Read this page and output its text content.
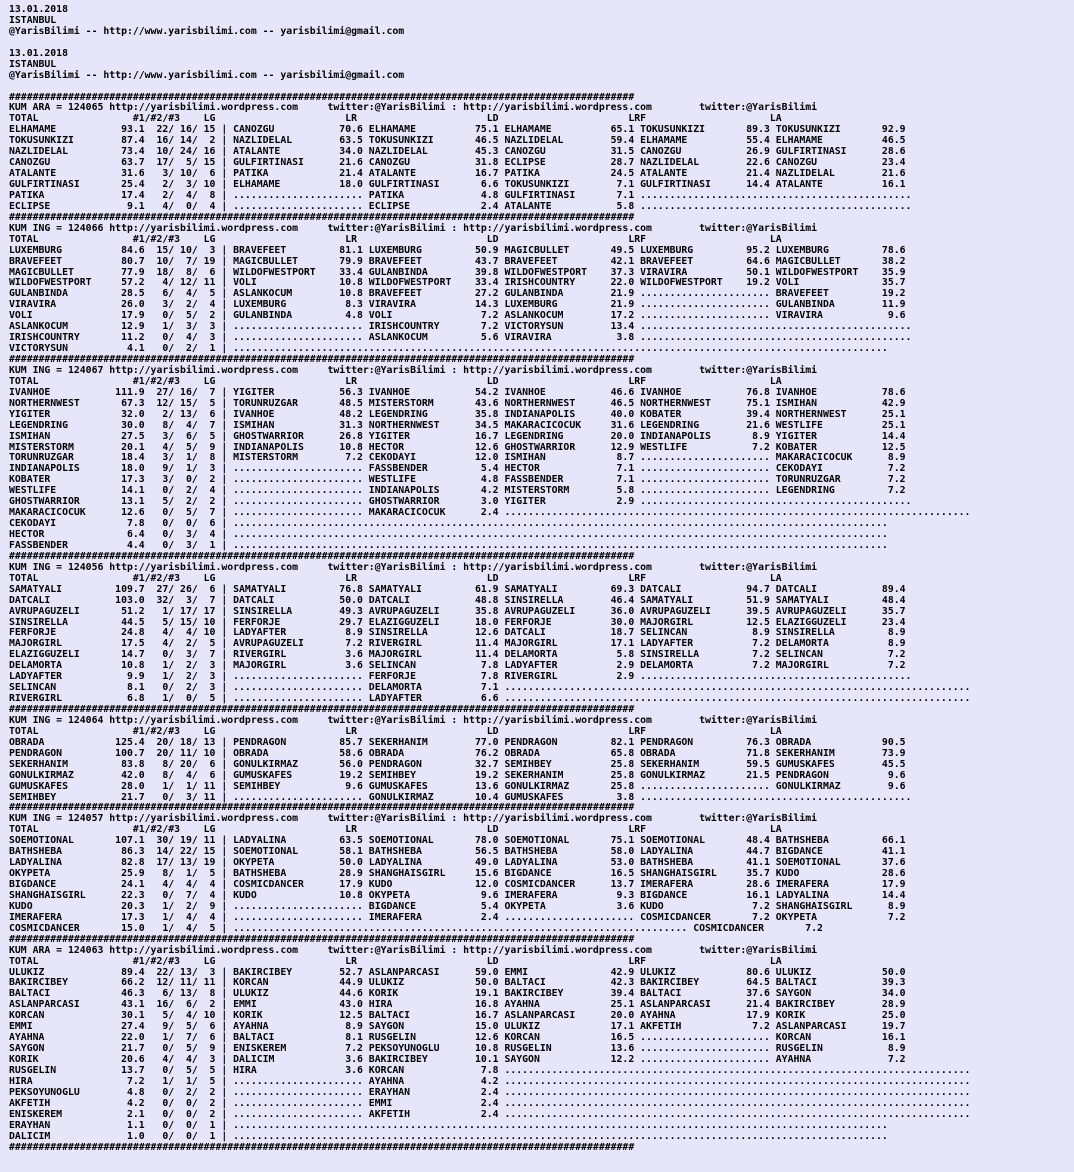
13.01.2018
ISTANBUL
@YarisBilimi -- http://www.yarisbilimi.com -- yarisbilimi@gmail.com

13.01.2018
ISTANBUL
@YarisBilimi -- http://www.yarisbilimi.com -- yarisbilimi@gmail.com

##########################################################################################################
KUM ARA = 124065 http://yarisbilimi.wordpress.com     twitter:@YarisBilimi : http://yarisbilimi.wordpress.com        twitter:@YarisBilimi
TOTAL                #1/#2/#3    LG                      LR                      LD                      LRF                     LA
ELHAMAME           93.1  22/ 16/ 15 | CANOZGU           70.6 ELHAMAME          75.1 ELHAMAME          65.1 TOKUSUNKIZI       89.3 TOKUSUNKIZI       92.9
TOKUSUNKIZI        87.4  16/ 14/  2 | NAZLIDELAL        63.5 TOKUSUNKIZI       46.5 NAZLIDELAL        59.4 ELHAMAME          55.4 ELHAMAME          46.5
NAZLIDELAL         73.4  10/ 24/ 16 | ATALANTE          34.0 NAZLIDELAL        45.3 CANOZGU           31.5 CANOZGU           26.9 GULFIRTINASI      28.6
CANOZGU            63.7  17/  5/ 15 | GULFIRTINASI      21.6 CANOZGU           31.8 ECLIPSE           28.7 NAZLIDELAL        22.6 CANOZGU           23.4
ATALANTE           31.6   3/ 10/  6 | PATIKA            21.4 ATALANTE          16.7 PATIKA            24.5 ATALANTE          21.4 NAZLIDELAL        21.6
GULFIRTINASI       25.4   2/  3/ 10 | ELHAMAME          18.0 GULFIRTINASI       6.6 TOKUSUNKIZI        7.1 GULFIRTINASI      14.4 ATALANTE          16.1
PATIKA             17.4   2/  4/  8 | ...................... PATIKA             4.8 GULFIRTINASI       7.1 ..............................................
ECLIPSE             9.1   4/  0/  4 | ...................... ECLIPSE            2.4 ATALANTE           5.8 ..............................................
##########################################################################################################
KUM ING = 124066 http://yarisbilimi.wordpress.com     twitter:@YarisBilimi : http://yarisbilimi.wordpress.com        twitter:@YarisBilimi
TOTAL                #1/#2/#3    LG                      LR                      LD                      LRF                     LA
LUXEMBURG          84.6  15/ 10/  3 | BRAVEFEET         81.1 LUXEMBURG         50.9 MAGICBULLET       49.5 LUXEMBURG         95.2 LUXEMBURG         78.6
BRAVEFEET          80.7  10/  7/ 19 | MAGICBULLET       79.9 BRAVEFEET         43.7 BRAVEFEET         42.1 BRAVEFEET         64.6 MAGICBULLET       38.2
MAGICBULLET        77.9  18/  8/  6 | WILDOFWESTPORT    33.4 GULANBINDA        39.8 WILDOFWESTPORT    37.3 VIRAVIRA          50.1 WILDOFWESTPORT    35.9
WILDOFWESTPORT     57.2   4/ 12/ 11 | VOLI              10.8 WILDOFWESTPORT    33.4 IRISHCOUNTRY      22.0 WILDOFWESTPORT    19.2 VOLI              35.7
GULANBINDA         28.5   6/  4/  5 | ASLANKOCUM        10.8 BRAVEFEET         27.2 GULANBINDA        21.9 ...................... BRAVEFEET         19.2
VIRAVIRA           26.0   3/  2/  4 | LUXEMBURG          8.3 VIRAVIRA          14.3 LUXEMBURG         21.9 ...................... GULANBINDA        11.9
VOLI               17.9   0/  5/  2 | GULANBINDA         4.8 VOLI               7.2 ASLANKOCUM        17.2 ...................... VIRAVIRA           9.6
ASLANKOCUM         12.9   1/  3/  3 | ...................... IRISHCOUNTRY       7.2 VICTORYSUN        13.4 ..............................................
IRISHCOUNTRY       11.2   0/  4/  3 | ...................... ASLANKOCUM         5.6 VIRAVIRA           3.8 ..............................................
VICTORYSUN          4.1   0/  2/  1 | ...............................................................................................................
##########################################################################################################
KUM ING = 124067 http://yarisbilimi.wordpress.com     twitter:@YarisBilimi : http://yarisbilimi.wordpress.com        twitter:@YarisBilimi
TOTAL                #1/#2/#3    LG                      LR                      LD                      LRF                     LA
IVANHOE           111.9  27/ 16/  7 | YIGITER           56.3 IVANHOE           54.2 IVANHOE           46.6 IVANHOE           76.8 IVANHOE           78.6
NORTHERNWEST       67.3  12/ 15/  5 | TORUNRUZGAR       48.5 MISTERSTORM       43.6 NORTHERNWEST      46.5 NORTHERNWEST      75.1 ISMIHAN           42.9
YIGITER            32.0   2/ 13/  6 | IVANHOE           48.2 LEGENDRING        35.8 INDIANAPOLIS      40.0 KOBATER           39.4 NORTHERNWEST      25.1
LEGENDRING         30.0   8/  4/  7 | ISMIHAN           31.3 NORTHERNWEST      34.5 MAKARACICOCUK     31.6 LEGENDRING        21.6 WESTLIFE          25.1
ISMIHAN            27.5   3/  6/  5 | GHOSTWARRIOR      26.8 YIGITER           16.7 LEGENDRING        20.0 INDIANAPOLIS       8.9 YIGITER           14.4
MISTERSTORM        20.1   4/  5/  9 | INDIANAPOLIS      10.8 HECTOR            12.6 GHOSTWARRIOR      12.9 WESTLIFE           7.2 KOBATER           12.5
TORUNRUZGAR        18.4   3/  1/  8 | MISTERSTORM        7.2 CEKODAYI          12.0 ISMIHAN            8.7 ...................... MAKARACICOCUK      8.9
INDIANAPOLIS       18.0   9/  1/  3 | ...................... FASSBENDER         5.4 HECTOR             7.1 ...................... CEKODAYI           7.2
KOBATER            17.3   3/  0/  2 | ...................... WESTLIFE           4.8 FASSBENDER         7.1 ...................... TORUNRUZGAR        7.2
WESTLIFE           14.1   0/  2/  4 | ...................... INDIANAPOLIS       4.2 MISTERSTORM        5.8 ...................... LEGENDRING         7.2
GHOSTWARRIOR       13.1   5/  2/  2 | ...................... GHOSTWARRIOR       3.0 YIGITER            2.9 ..............................................
MAKARACICOCUK      12.6   0/  5/  7 | ...................... MAKARACICOCUK      2.4 ...............................................................................
CEKODAYI            7.8   0/  0/  6 | ...............................................................................................................
HECTOR              6.4   0/  3/  4 | ...............................................................................................................
FASSBENDER          4.4   0/  3/  1 | ...............................................................................................................
##########################################################################################################
KUM ING = 124056 http://yarisbilimi.wordpress.com     twitter:@YarisBilimi : http://yarisbilimi.wordpress.com        twitter:@YarisBilimi
TOTAL                #1/#2/#3    LG                      LR                      LD                      LRF                     LA
SAMATYALI         109.7  27/ 26/  6 | SAMATYALI         76.8 SAMATYALI         61.9 SAMATYALI         69.3 DATCALI           94.7 DATCALI           89.4
DATCALI           103.0  32/  3/  7 | DATCALI           50.0 DATCALI           48.8 SINSIRELLA        46.4 SAMATYALI         51.9 SAMATYALI         48.4
AVRUPAGUZELI       51.2   1/ 17/ 17 | SINSIRELLA        49.3 AVRUPAGUZELI      35.8 AVRUPAGUZELI      36.0 AVRUPAGUZELI      39.5 AVRUPAGUZELI      35.7
SINSIRELLA         44.5   5/ 15/ 10 | FERFORJE          29.7 ELAZIGGUZELI      18.0 FERFORJE          30.0 MAJORGIRL         12.5 ELAZIGGUZELI      23.4
FERFORJE           24.8   4/  4/ 10 | LADYAFTER          8.9 SINSIRELLA        12.6 DATCALI           18.7 SELINCAN           8.9 SINSIRELLA         8.9
MAJORGIRL          17.5   4/  2/  5 | AVRUPAGUZELI       7.2 RIVERGIRL         11.4 MAJORGIRL         17.1 LADYAFTER          7.2 DELAMORTA          8.9
ELAZIGGUZELI       14.7   0/  3/  7 | RIVERGIRL          3.6 MAJORGIRL         11.4 DELAMORTA          5.8 SINSIRELLA         7.2 SELINCAN           7.2
DELAMORTA          10.8   1/  2/  3 | MAJORGIRL          3.6 SELINCAN           7.8 LADYAFTER          2.9 DELAMORTA          7.2 MAJORGIRL          7.2
LADYAFTER           9.9   1/  2/  3 | ...................... FERFORJE           7.8 RIVERGIRL          2.9 ..............................................
SELINCAN            8.1   0/  2/  3 | ...................... DELAMORTA          7.1 ...............................................................................
RIVERGIRL           6.8   1/  0/  5 | ...................... LADYAFTER          6.6 ...............................................................................
##########################################################################################################
KUM ING = 124064 http://yarisbilimi.wordpress.com     twitter:@YarisBilimi : http://yarisbilimi.wordpress.com        twitter:@YarisBilimi
TOTAL                #1/#2/#3    LG                      LR                      LD                      LRF                     LA
OBRADA            125.4  20/ 18/ 13 | PENDRAGON         85.7 SEKERHANIM        77.0 PENDRAGON         82.1 PENDRAGON         76.3 OBRADA            90.5
PENDRAGON         100.7  20/ 11/ 10 | OBRADA            58.6 OBRADA            76.2 OBRADA            65.8 OBRADA            71.8 SEKERHANIM        73.9
SEKERHANIM         83.8   8/ 20/  6 | GONULKIRMAZ       56.0 PENDRAGON         32.7 SEMIHBEY          25.8 SEKERHANIM        59.5 GUMUSKAFES        45.5
GONULKIRMAZ        42.0   8/  4/  6 | GUMUSKAFES        19.2 SEMIHBEY          19.2 SEKERHANIM        25.8 GONULKIRMAZ       21.5 PENDRAGON          9.6
GUMUSKAFES         28.0   1/  1/ 11 | SEMIHBEY           9.6 GUMUSKAFES        13.6 GONULKIRMAZ       25.8 ...................... GONULKIRMAZ        9.6
SEMIHBEY           21.7   0/  3/ 11 | ...................... GONULKIRMAZ       10.4 GUMUSKAFES         3.8 ..............................................
##########################################################################################################
KUM ING = 124057 http://yarisbilimi.wordpress.com     twitter:@YarisBilimi : http://yarisbilimi.wordpress.com        twitter:@YarisBilimi
TOTAL                #1/#2/#3    LG                      LR                      LD                      LRF                     LA
SOEMOTIONAL       107.1  30/ 19/ 11 | LADYALINA         63.5 SOEMOTIONAL       78.0 SOEMOTIONAL       75.1 SOEMOTIONAL       48.4 BATHSHEBA         66.1
BATHSHEBA          86.3  14/ 22/ 15 | SOEMOTIONAL       58.1 BATHSHEBA         56.5 BATHSHEBA         58.0 LADYALINA         44.7 BIGDANCE          41.1
LADYALINA          82.8  17/ 13/ 19 | OKYPETA           50.0 LADYALINA         49.0 LADYALINA         53.0 BATHSHEBA         41.1 SOEMOTIONAL       37.6
OKYPETA            25.9   8/  1/  5 | BATHSHEBA         28.9 SHANGHAISGIRL     15.6 BIGDANCE          16.5 SHANGHAISGIRL     35.7 KUDO              28.6
BIGDANCE           24.1   4/  4/  4 | COSMICDANCER      17.9 KUDO              12.0 COSMICDANCER      13.7 IMERAFERA         28.6 IMERAFERA         17.9
SHANGHAISGIRL      22.3   0/  7/  4 | KUDO              10.8 OKYPETA            9.6 IMERAFERA          9.3 BIGDANCE          16.1 LADYALINA         14.4
KUDO               20.3   1/  2/  9 | ...................... BIGDANCE           5.4 OKYPETA            3.6 KUDO               7.2 SHANGHAISGIRL      8.9
IMERAFERA          17.3   1/  4/  4 | ...................... IMERAFERA          2.4 ...................... COSMICDANCER       7.2 OKYPETA            7.2
COSMICDANCER       15.0   1/  4/  5 | ............................................................................. COSMICDANCER       7.2
##########################################################################################################
KUM ARA = 124063 http://yarisbilimi.wordpress.com     twitter:@YarisBilimi : http://yarisbilimi.wordpress.com        twitter:@YarisBilimi
TOTAL                #1/#2/#3    LG                      LR                      LD                      LRF                     LA
ULUKIZ             89.4  22/ 13/  3 | BAKIRCIBEY        52.7 ASLANPARCASI      59.0 EMMI              42.9 ULUKIZ            80.6 ULUKIZ            50.0
BAKIRCIBEY         66.2  12/ 11/ 11 | KORCAN            44.9 ULUKIZ            50.0 BALTACI           42.3 BAKIRCIBEY        64.5 BALTACI           39.3
BALTACI            46.3   6/ 13/  8 | ULUKIZ            44.6 KORIK             19.1 BAKIRCIBEY        39.4 BALTACI           37.6 SAYGON            34.0
ASLANPARCASI       43.1  16/  6/  2 | EMMI              43.0 HIRA              16.8 AYAHNA            25.1 ASLANPARCASI      21.4 BAKIRCIBEY        28.9
KORCAN             30.1   5/  4/ 10 | KORIK             12.5 BALTACI           16.7 ASLANPARCASI      20.0 AYAHNA            17.9 KORIK             25.0
EMMI               27.4   9/  5/  6 | AYAHNA             8.9 SAYGON            15.0 ULUKIZ            17.1 AKFETIH            7.2 ASLANPARCASI      19.7
AYAHNA             22.0   1/  7/  6 | BALTACI            8.1 RUSGELIN          12.6 KORCAN            16.5 ...................... KORCAN            16.1
SAYGON             21.7   0/  5/  9 | ENISKEREM          7.2 PEKSOYUNOGLU      10.8 RUSGELIN          13.6 ...................... RUSGELIN           8.9
KORIK              20.6   4/  4/  3 | DALICIM            3.6 BAKIRCIBEY        10.1 SAYGON            12.2 ...................... AYAHNA             7.2
RUSGELIN           13.7   0/  5/  5 | HIRA               3.6 KORCAN             7.8 ...............................................................................
HIRA                7.2   1/  1/  5 | ...................... AYAHNA             4.2 ...............................................................................
PEKSOYUNOGLU        4.8   0/  2/  2 | ...................... ERAYHAN            2.4 ...............................................................................
AKFETIH             4.2   0/  0/  2 | ...................... EMMI               2.4 ...............................................................................
ENISKEREM           2.1   0/  0/  2 | ...................... AKFETIH            2.4 ...............................................................................
ERAYHAN             1.1   0/  0/  1 | ...............................................................................................................
DALICIM             1.0   0/  0/  1 | ...............................................................................................................
##########################################################################################################
